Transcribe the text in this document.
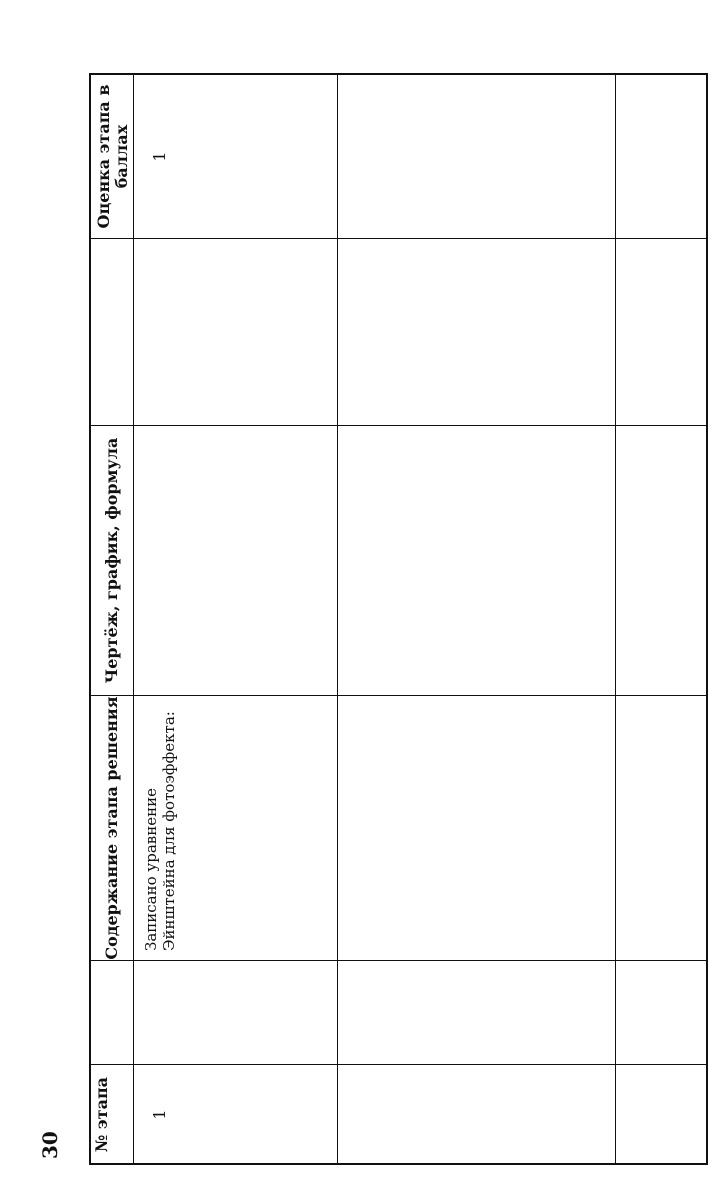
30 № этапа
Содержание этапа решения
Чертёж, график, формула
Оценка этапа в баллах
1
Записано уравнение Эйнштейна для фотоэффекта:
1
